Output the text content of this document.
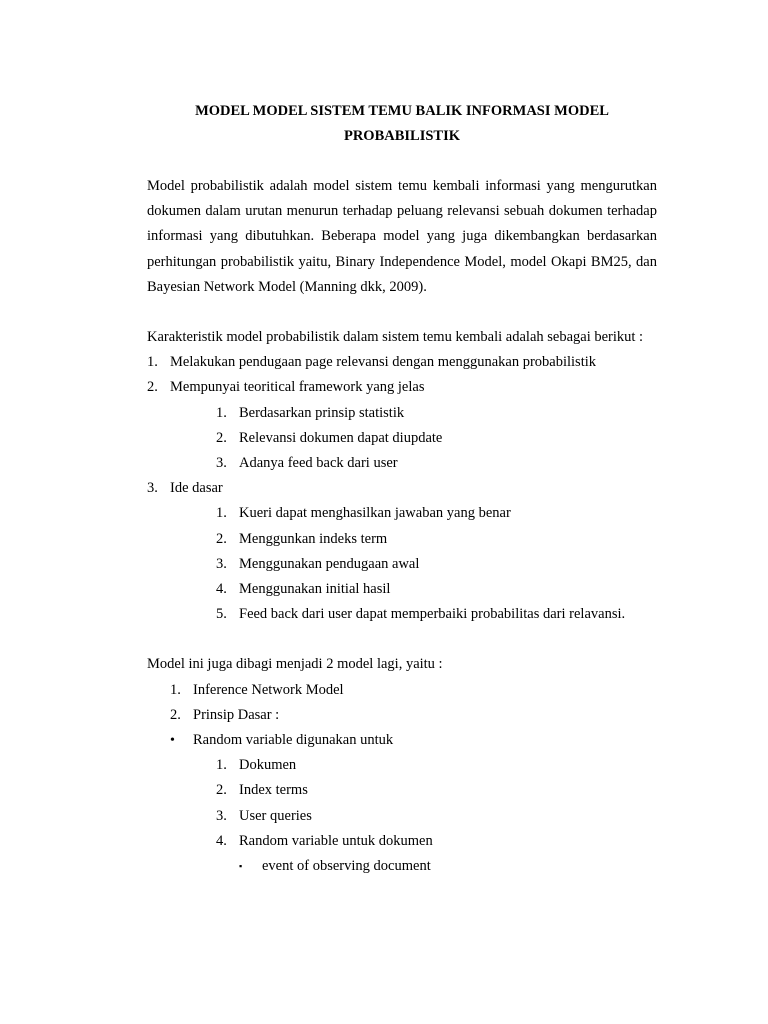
MODEL MODEL SISTEM TEMU BALIK INFORMASI MODEL

PROBABILISTIK

Model probabilistik adalah model sistem temu kembali informasi yang mengurutkan dokumen dalam urutan menurun terhadap peluang relevansi sebuah dokumen terhadap informasi yang dibutuhkan. Beberapa model yang juga dikembangkan berdasarkan perhitungan probabilistik yaitu, Binary Independence Model, model Okapi BM25, dan Bayesian Network Model (Manning dkk, 2009).

Karakteristik model probabilistik dalam sistem temu kembali adalah sebagai berikut :

1. Melakukan pendugaan page relevansi dengan menggunakan probabilistik
2. Mempunyai teoritical framework yang jelas
1. Berdasarkan prinsip statistik
2. Relevansi dokumen dapat diupdate
3. Adanya feed back dari user
3. Ide dasar
1. Kueri dapat menghasilkan jawaban yang benar
2. Menggunkan indeks term
3. Menggunakan pendugaan awal
4. Menggunakan initial hasil
5. Feed back dari user dapat memperbaiki probabilitas dari relavansi.

Model ini juga dibagi menjadi 2 model lagi, yaitu :

1. Inference Network Model
2. Prinsip Dasar :
•	Random variable digunakan untuk
1. Dokumen
2. Index terms
3. User queries
4. Random variable untuk dokumen
▪	event of observing document
